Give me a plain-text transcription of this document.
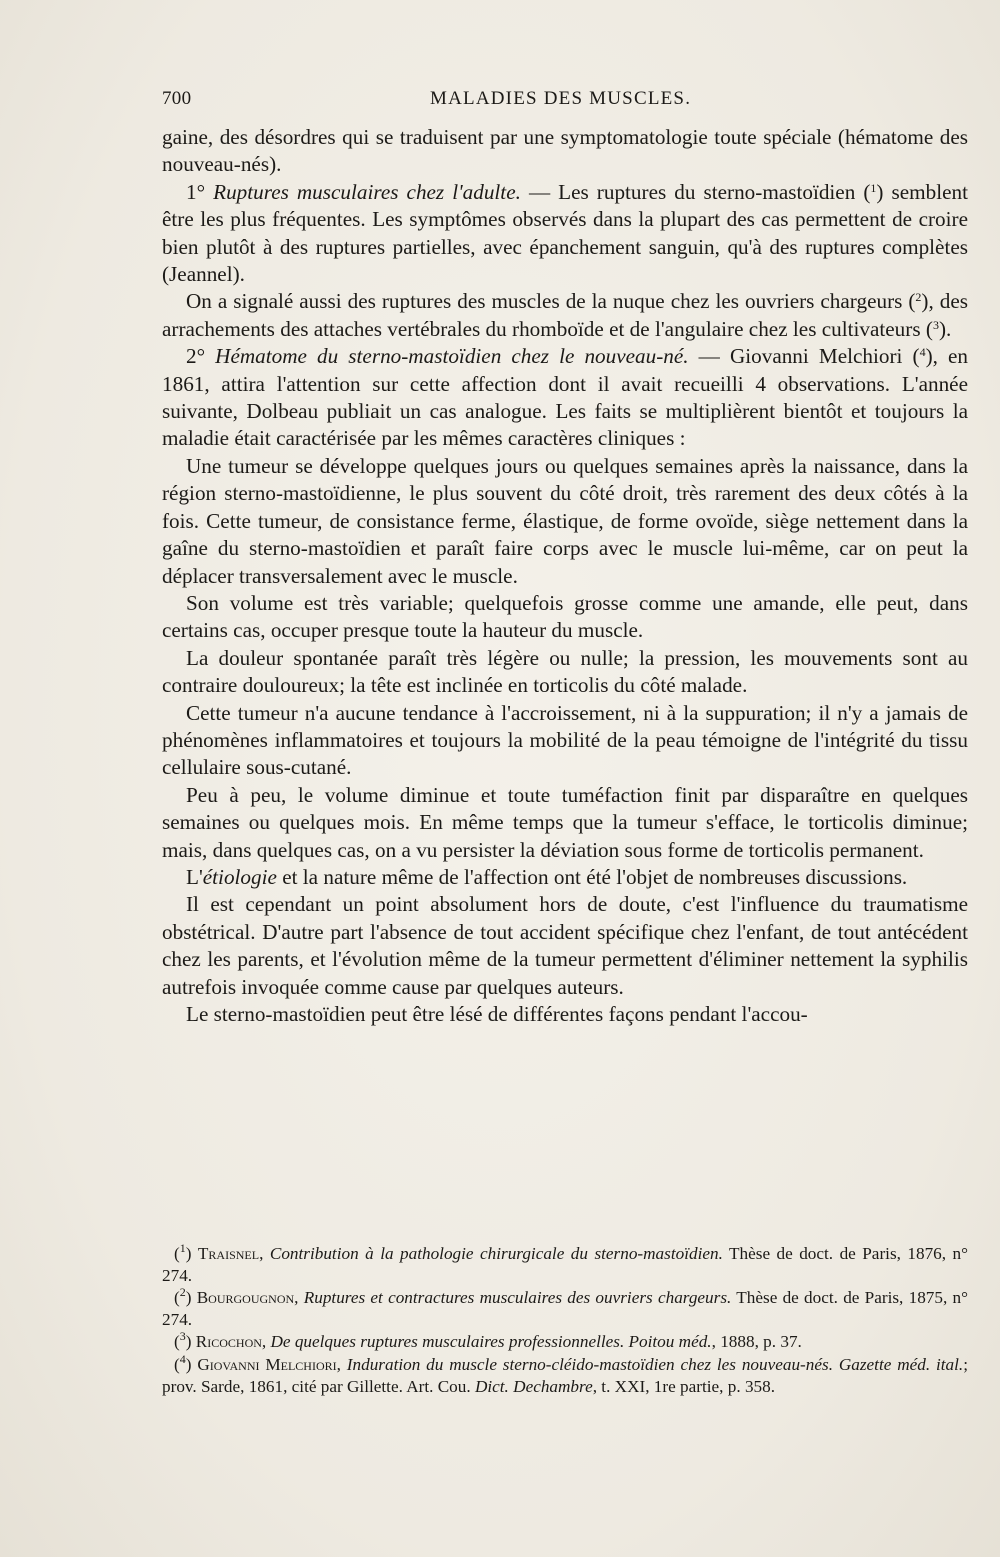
700	MALADIES DES MUSCLES.

gaine, des désordres qui se traduisent par une symptomatologie toute spéciale (hématome des nouveau-nés).

1° Ruptures musculaires chez l'adulte. — Les ruptures du sterno-mastoïdien ($^1$) semblent être les plus fréquentes. Les symptômes observés dans la plupart des cas permettent de croire bien plutôt à des ruptures partielles, avec épanchement sanguin, qu'à des ruptures complètes (Jeannel).

On a signalé aussi des ruptures des muscles de la nuque chez les ouvriers chargeurs ($^2$), des arrachements des attaches vertébrales du rhomboïde et de l'angulaire chez les cultivateurs ($^3$).

2° Hématome du sterno-mastoïdien chez le nouveau-né. — Giovanni Melchiori ($^4$), en 1861, attira l'attention sur cette affection dont il avait recueilli 4 observations. L'année suivante, Dolbeau publiait un cas analogue. Les faits se multiplièrent bientôt et toujours la maladie était caractérisée par les mêmes caractères cliniques :

Une tumeur se développe quelques jours ou quelques semaines après la naissance, dans la région sterno-mastoïdienne, le plus souvent du côté droit, très rarement des deux côtés à la fois. Cette tumeur, de consistance ferme, élastique, de forme ovoïde, siège nettement dans la gaîne du sterno-mastoïdien et paraît faire corps avec le muscle lui-même, car on peut la déplacer transversalement avec le muscle.

Son volume est très variable; quelquefois grosse comme une amande, elle peut, dans certains cas, occuper presque toute la hauteur du muscle.

La douleur spontanée paraît très légère ou nulle; la pression, les mouvements sont au contraire douloureux; la tête est inclinée en torticolis du côté malade.

Cette tumeur n'a aucune tendance à l'accroissement, ni à la suppuration; il n'y a jamais de phénomènes inflammatoires et toujours la mobilité de la peau témoigne de l'intégrité du tissu cellulaire sous-cutané.

Peu à peu, le volume diminue et toute tuméfaction finit par disparaître en quelques semaines ou quelques mois. En même temps que la tumeur s'efface, le torticolis diminue; mais, dans quelques cas, on a vu persister la déviation sous forme de torticolis permanent.

L'étiologie et la nature même de l'affection ont été l'objet de nombreuses discussions.

Il est cependant un point absolument hors de doute, c'est l'influence du traumatisme obstétrical. D'autre part l'absence de tout accident spécifique chez l'enfant, de tout antécédent chez les parents, et l'évolution même de la tumeur permettent d'éliminer nettement la syphilis autrefois invoquée comme cause par quelques auteurs.

Le sterno-mastoïdien peut être lésé de différentes façons pendant l'accou-

($^1$) Traisnel, Contribution à la pathologie chirurgicale du sterno-mastoïdien. Thèse de doct. de Paris, 1876, n° 274.

($^2$) Bourgougnon, Ruptures et contractures musculaires des ouvriers chargeurs. Thèse de doct. de Paris, 1875, n° 274.

($^3$) Ricochon, De quelques ruptures musculaires professionnelles. Poitou méd., 1888, p. 37.

($^4$) Giovanni Melchiori, Induration du muscle sterno-cléido-mastoïdien chez les nouveau-nés. Gazette méd. ital.; prov. Sarde, 1861, cité par Gillette. Art. Cou. Dict. Dechambre, t. XXI, 1re partie, p. 358.
